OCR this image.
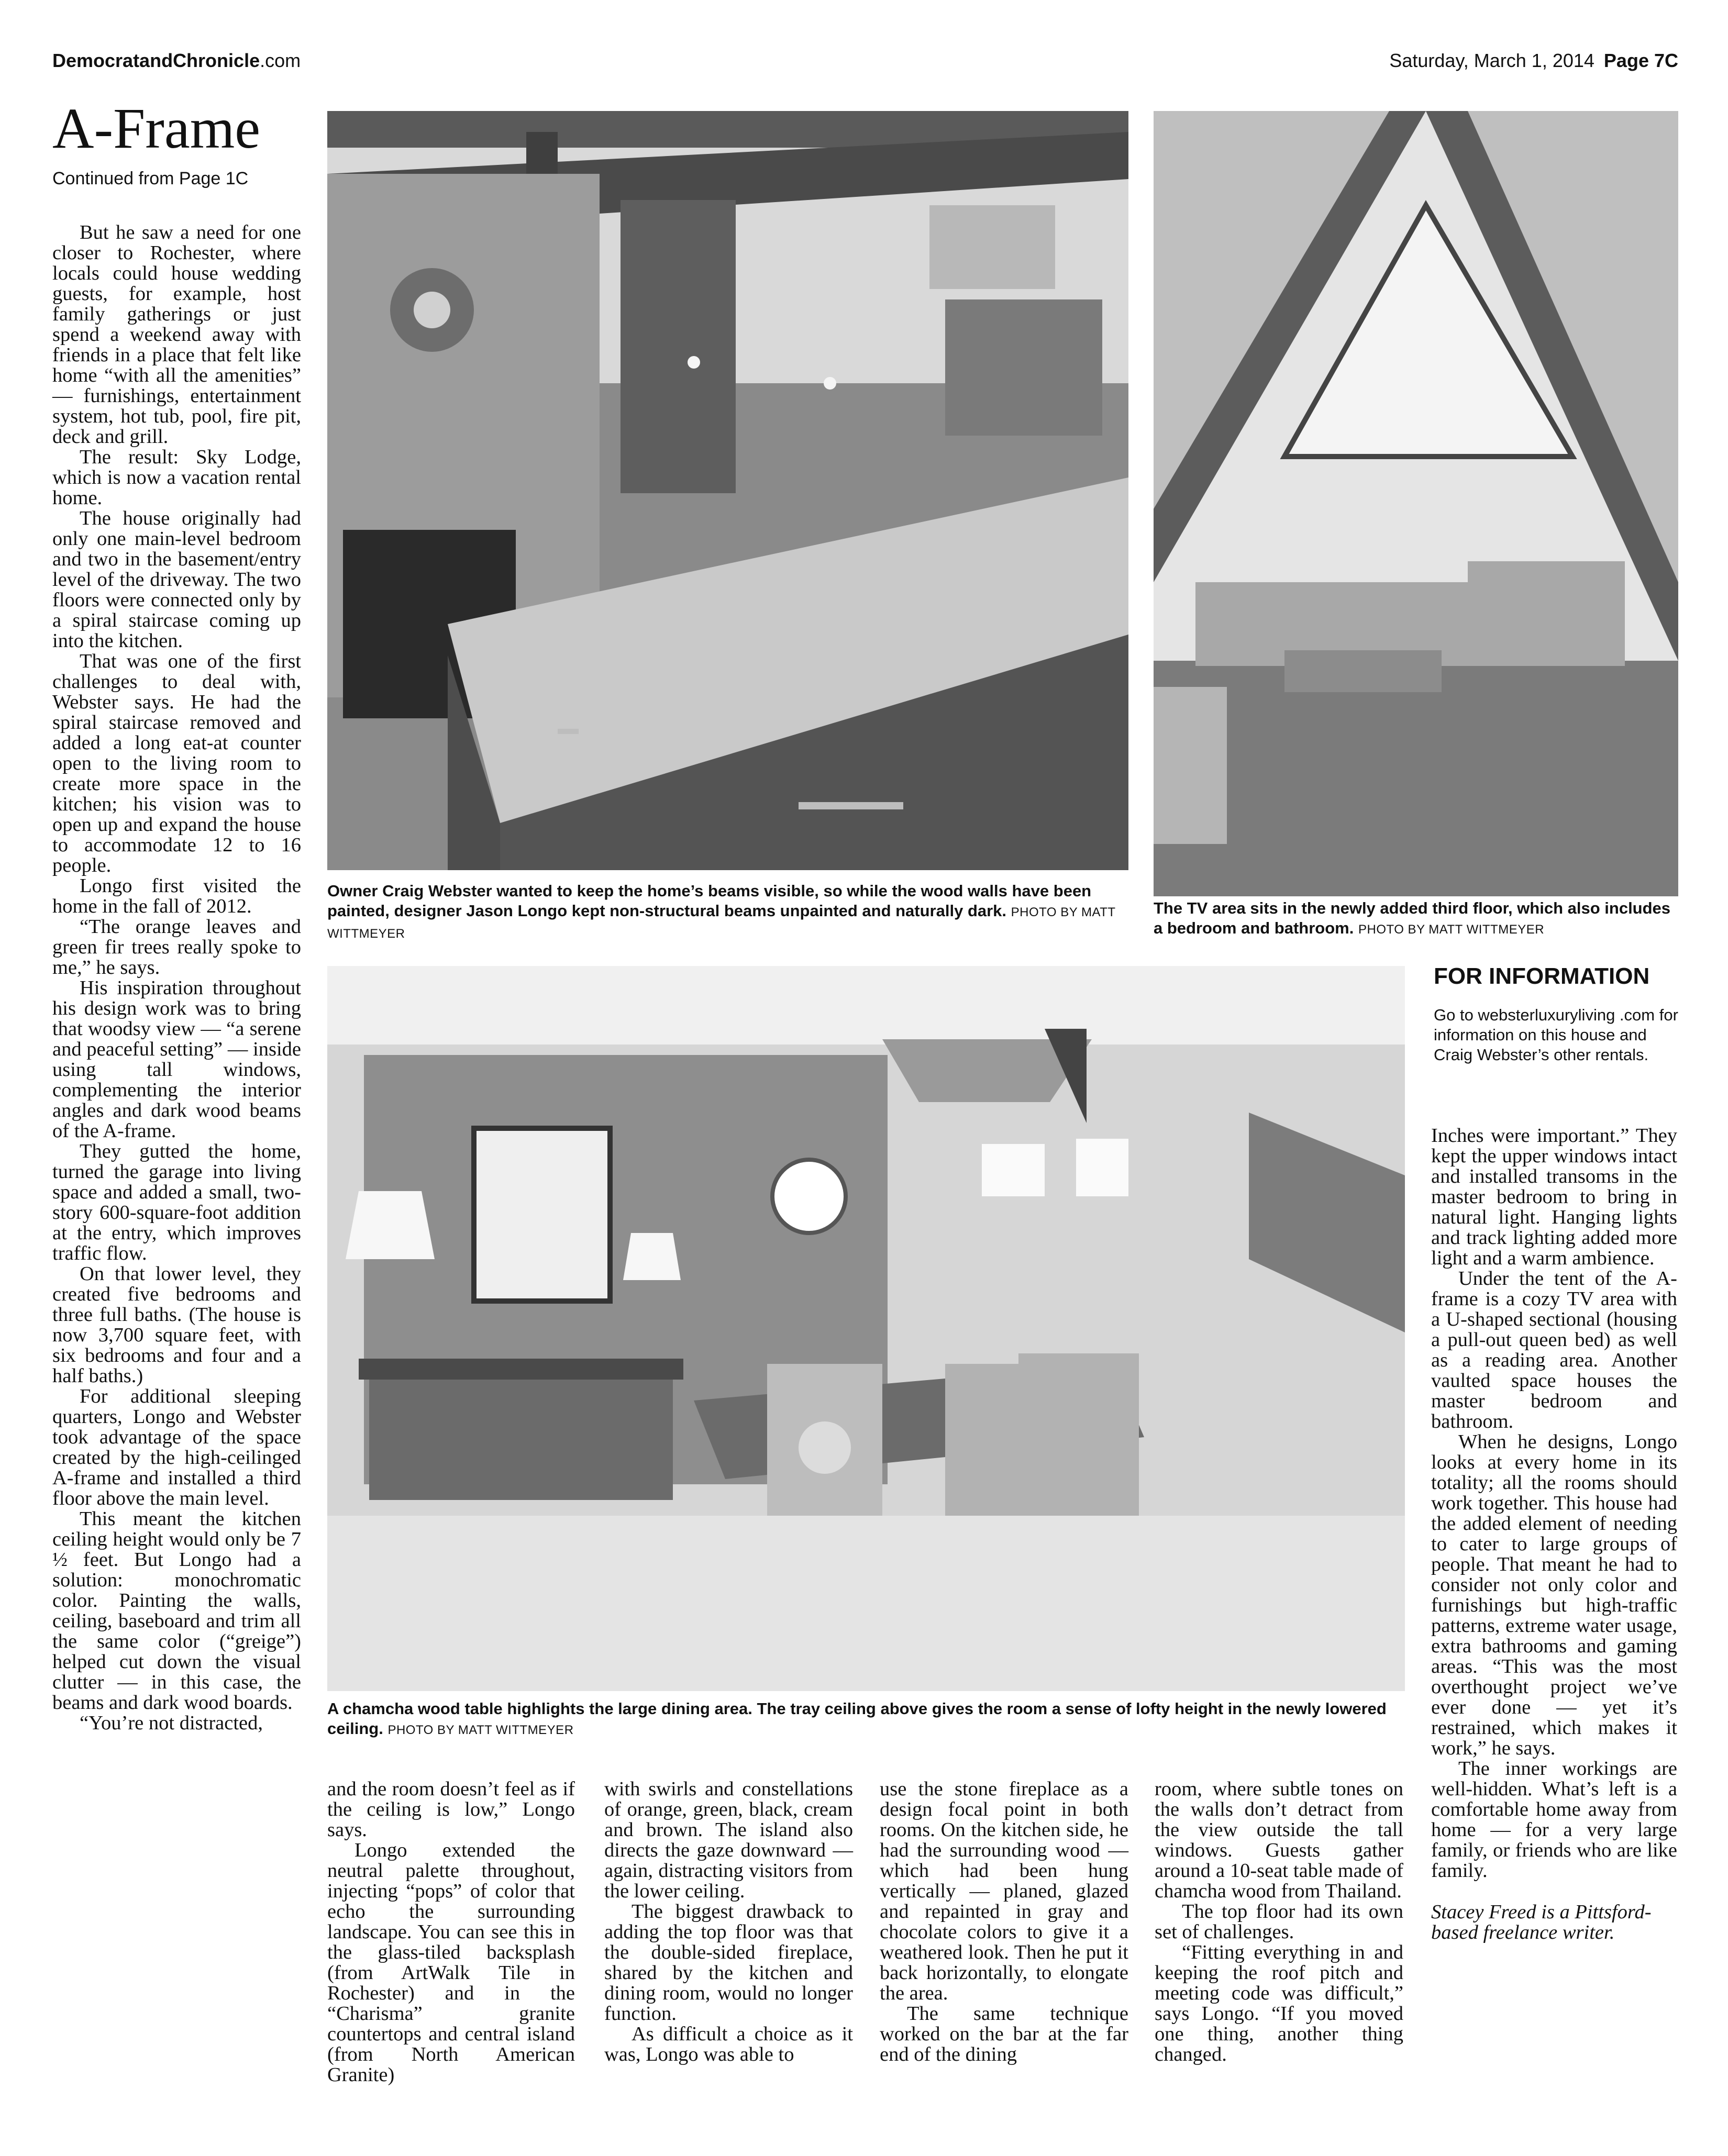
DemocratandChronicle.com	Saturday, March 1, 2014 Page 7C
A-Frame
Continued from Page 1C

But he saw a need for one closer to Rochester, where locals could house wedding guests, for example, host family gatherings or just spend a weekend away with friends in a place that felt like home “with all the amenities” — furnishings, entertainment system, hot tub, pool, fire pit, deck and grill.

The result: Sky Lodge, which is now a vacation rental home.

The house originally had only one main-level bedroom and two in the basement/entry level of the driveway. The two floors were connected only by a spiral staircase coming up into the kitchen.

That was one of the first challenges to deal with, Webster says. He had the spiral staircase removed and added a long eat-at counter open to the living room to create more space in the kitchen; his vision was to open up and expand the house to accommodate 12 to 16 people.

Longo first visited the home in the fall of 2012.

“The orange leaves and green fir trees really spoke to me,” he says.

His inspiration throughout his design work was to bring that woodsy view — “a serene and peaceful setting” — inside using tall windows, complementing the interior angles and dark wood beams of the A-frame.

They gutted the home, turned the garage into living space and added a small, two-story 600-square-foot addition at the entry, which improves traffic flow.

On that lower level, they created five bedrooms and three full baths. (The house is now 3,700 square feet, with six bedrooms and four and a half baths.)

For additional sleeping quarters, Longo and Webster took advantage of the space created by the high-ceilinged A-frame and installed a third floor above the main level.

This meant the kitchen ceiling height would only be 7 ½ feet. But Longo had a solution: monochromatic color. Painting the walls, ceiling, baseboard and trim all the same color (“greige”) helped cut down the visual clutter — in this case, the beams and dark wood boards.

“You’re not distracted,

Owner Craig Webster wanted to keep the home’s beams visible, so while the wood walls have been painted, designer Jason Longo kept non-structural beams unpainted and naturally dark. PHOTO BY MATT WITTMEYER
The TV area sits in the newly added third floor, which also includes a bedroom and bathroom. PHOTO BY MATT WITTMEYER
FOR INFORMATION
Go to websterluxuryliving .com for information on this house and Craig Webster’s other rentals.
A chamcha wood table highlights the large dining area. The tray ceiling above gives the room a sense of lofty height in the newly lowered ceiling. PHOTO BY MATT WITTMEYER

and the room doesn’t feel as if the ceiling is low,” Longo says.

Longo extended the neutral palette throughout, injecting “pops” of color that echo the surrounding landscape. You can see this in the glass-tiled backsplash (from ArtWalk Tile in Rochester) and in the “Charisma” granite countertops and central island (from North American Granite)

with swirls and constellations of orange, green, black, cream and brown. The island also directs the gaze downward — again, distracting visitors from the lower ceiling.

The biggest drawback to adding the top floor was that the double-sided fireplace, shared by the kitchen and dining room, would no longer function.

As difficult a choice as it was, Longo was able to

use the stone fireplace as a design focal point in both rooms. On the kitchen side, he had the surrounding wood — which had been hung vertically — planed, glazed and repainted in gray and chocolate colors to give it a weathered look. Then he put it back horizontally, to elongate the area.

The same technique worked on the bar at the far end of the dining

room, where subtle tones on the walls don’t detract from the view outside the tall windows. Guests gather around a 10-seat table made of chamcha wood from Thailand.

The top floor had its own set of challenges.

“Fitting everything in and keeping the roof pitch and meeting code was difficult,” says Longo. “If you moved one thing, another thing changed.

Inches were important.” They kept the upper windows intact and installed transoms in the master bedroom to bring in natural light. Hanging lights and track lighting added more light and a warm ambience.

Under the tent of the A-frame is a cozy TV area with a U-shaped sectional (housing a pull-out queen bed) as well as a reading area. Another vaulted space houses the master bedroom and bathroom.

When he designs, Longo looks at every home in its totality; all the rooms should work together. This house had the added element of needing to cater to large groups of people. That meant he had to consider not only color and furnishings but high-traffic patterns, extreme water usage, extra bathrooms and gaming areas. “This was the most overthought project we’ve ever done — yet it’s restrained, which makes it work,” he says.

The inner workings are well-hidden. What’s left is a comfortable home away from home — for a very large family, or friends who are like family.

Stacey Freed is a Pittsford-based freelance writer.
